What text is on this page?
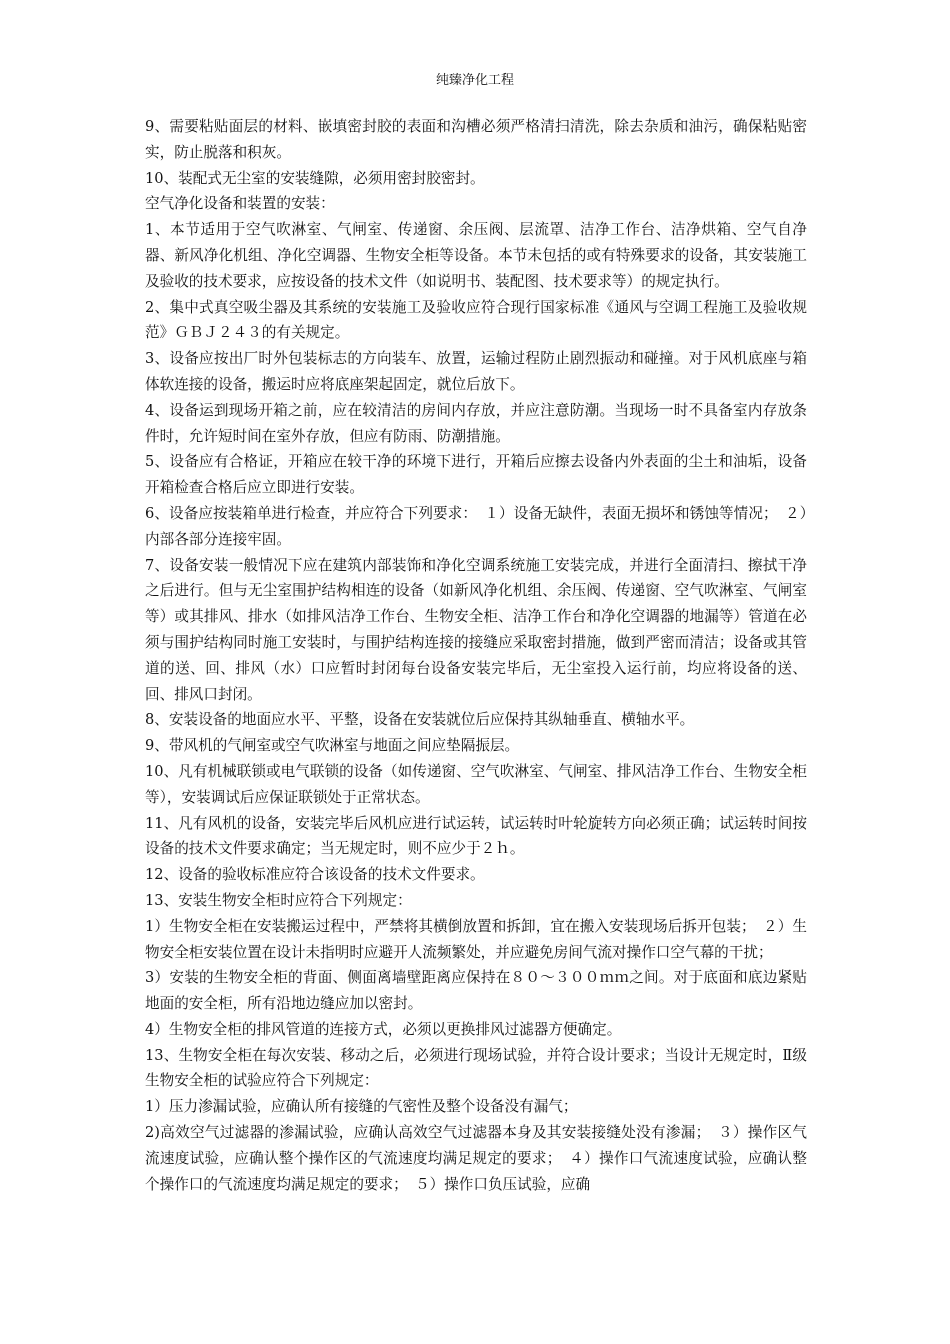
纯臻净化工程

9、需要粘贴面层的材料、嵌填密封胶的表面和沟槽必须严格清扫清洗，除去杂质和油污，确保粘贴密实，防止脱落和积灰。

10、装配式无尘室的安装缝隙，必须用密封胶密封。

空气净化设备和装置的安装：

1、本节适用于空气吹淋室、气闸室、传递窗、余压阀、层流罩、洁净工作台、洁净烘箱、空气自净器、新风净化机组、净化空调器、生物安全柜等设备。本节未包括的或有特殊要求的设备，其安装施工及验收的技术要求，应按设备的技术文件（如说明书、装配图、技术要求等）的规定执行。

2、集中式真空吸尘器及其系统的安装施工及验收应符合现行国家标准《通风与空调工程施工及验收规范》ＧＢＪ２４３的有关规定。

3、设备应按出厂时外包装标志的方向装车、放置，运输过程防止剧烈振动和碰撞。对于风机底座与箱体软连接的设备，搬运时应将底座架起固定，就位后放下。

4、设备运到现场开箱之前，应在较清洁的房间内存放，并应注意防潮。当现场一时不具备室内存放条件时，允许短时间在室外存放，但应有防雨、防潮措施。

5、设备应有合格证，开箱应在较干净的环境下进行，开箱后应擦去设备内外表面的尘土和油垢，设备开箱检查合格后应立即进行安装。

6、设备应按装箱单进行检查，并应符合下列要求：　１）设备无缺件，表面无损坏和锈蚀等情况；　２）内部各部分连接牢固。

7、设备安装一般情况下应在建筑内部装饰和净化空调系统施工安装完成，并进行全面清扫、擦拭干净之后进行。但与无尘室围护结构相连的设备（如新风净化机组、余压阀、传递窗、空气吹淋室、气闸室等）或其排风、排水（如排风洁净工作台、生物安全柜、洁净工作台和净化空调器的地漏等）管道在必须与围护结构同时施工安装时，与围护结构连接的接缝应采取密封措施，做到严密而清洁；设备或其管道的送、回、排风（水）口应暂时封闭每台设备安装完毕后，无尘室投入运行前，均应将设备的送、回、排风口封闭。

8、安装设备的地面应水平、平整，设备在安装就位后应保持其纵轴垂直、横轴水平。

9、带风机的气闸室或空气吹淋室与地面之间应垫隔振层。

10、凡有机械联锁或电气联锁的设备（如传递窗、空气吹淋室、气闸室、排风洁净工作台、生物安全柜等），安装调试后应保证联锁处于正常状态。

11、凡有风机的设备，安装完毕后风机应进行试运转，试运转时叶轮旋转方向必须正确；试运转时间按设备的技术文件要求确定；当无规定时，则不应少于２ｈ。

12、设备的验收标准应符合该设备的技术文件要求。

13、安装生物安全柜时应符合下列规定：

1）生物安全柜在安装搬运过程中，严禁将其横倒放置和拆卸，宜在搬入安装现场后拆开包装；　２）生物安全柜安装位置在设计未指明时应避开人流频繁处，并应避免房间气流对操作口空气幕的干扰；

3）安装的生物安全柜的背面、侧面离墙壁距离应保持在８０～３００ｍｍ之间。对于底面和底边紧贴地面的安全柜，所有沿地边缝应加以密封。

4）生物安全柜的排风管道的连接方式，必须以更换排风过滤器方便确定。

13、生物安全柜在每次安装、移动之后，必须进行现场试验，并符合设计要求；当设计无规定时，Ⅱ级生物安全柜的试验应符合下列规定：

1）压力渗漏试验，应确认所有接缝的气密性及整个设备没有漏气；

2)高效空气过滤器的渗漏试验，应确认高效空气过滤器本身及其安装接缝处没有渗漏；　３）操作区气流速度试验，应确认整个操作区的气流速度均满足规定的要求；　４）操作口气流速度试验，应确认整个操作口的气流速度均满足规定的要求；　５）操作口负压试验，应确
